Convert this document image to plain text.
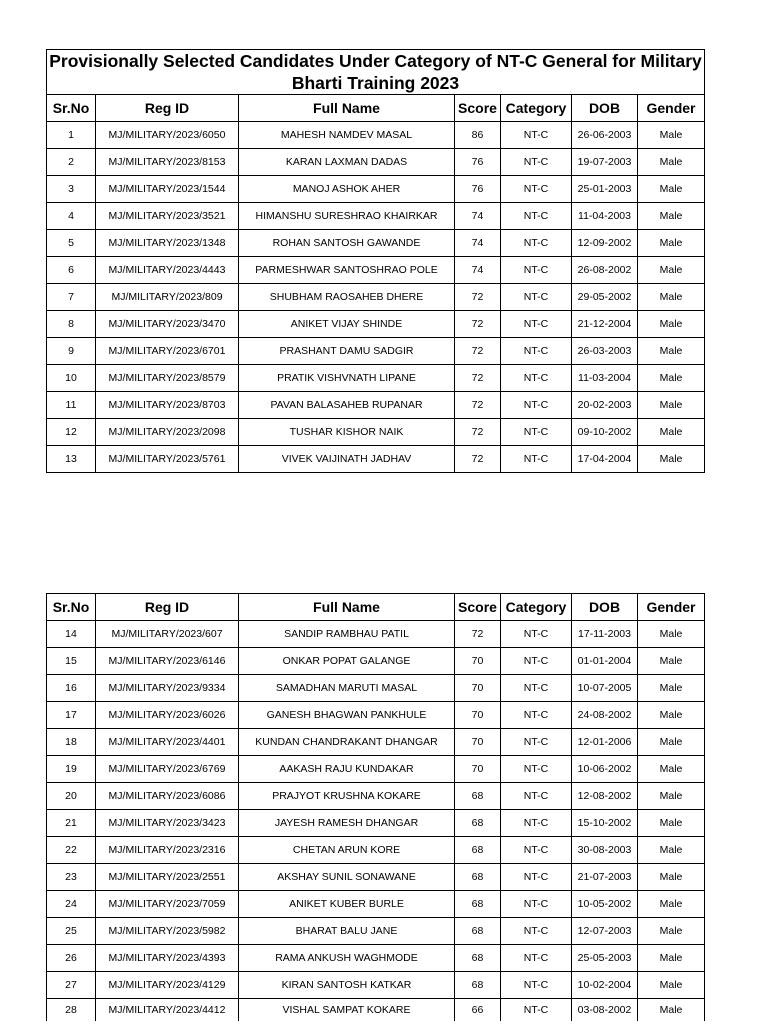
Provisionally Selected Candidates Under Category of NT-C General for Military Bharti Training 2023						
Sr.No	Reg ID	Full Name	Score	Category	DOB	Gender
1	MJ/MILITARY/2023/6050	MAHESH NAMDEV MASAL	86	NT-C	26-06-2003	Male
2	MJ/MILITARY/2023/8153	KARAN LAXMAN DADAS	76	NT-C	19-07-2003	Male
3	MJ/MILITARY/2023/1544	MANOJ ASHOK AHER	76	NT-C	25-01-2003	Male
4	MJ/MILITARY/2023/3521	HIMANSHU SURESHRAO KHAIRKAR	74	NT-C	11-04-2003	Male
5	MJ/MILITARY/2023/1348	ROHAN SANTOSH GAWANDE	74	NT-C	12-09-2002	Male
6	MJ/MILITARY/2023/4443	PARMESHWAR SANTOSHRAO POLE	74	NT-C	26-08-2002	Male
7	MJ/MILITARY/2023/809	SHUBHAM RAOSAHEB DHERE	72	NT-C	29-05-2002	Male
8	MJ/MILITARY/2023/3470	ANIKET VIJAY SHINDE	72	NT-C	21-12-2004	Male
9	MJ/MILITARY/2023/6701	PRASHANT DAMU SADGIR	72	NT-C	26-03-2003	Male
10	MJ/MILITARY/2023/8579	PRATIK VISHVNATH LIPANE	72	NT-C	11-03-2004	Male
11	MJ/MILITARY/2023/8703	PAVAN BALASAHEB RUPANAR	72	NT-C	20-02-2003	Male
12	MJ/MILITARY/2023/2098	TUSHAR KISHOR NAIK	72	NT-C	09-10-2002	Male
13	MJ/MILITARY/2023/5761	VIVEK VAIJINATH JADHAV	72	NT-C	17-04-2004	Male
Sr.No	Reg ID	Full Name	Score	Category	DOB	Gender
14	MJ/MILITARY/2023/607	SANDIP RAMBHAU PATIL	72	NT-C	17-11-2003	Male
15	MJ/MILITARY/2023/6146	ONKAR POPAT GALANGE	70	NT-C	01-01-2004	Male
16	MJ/MILITARY/2023/9334	SAMADHAN MARUTI MASAL	70	NT-C	10-07-2005	Male
17	MJ/MILITARY/2023/6026	GANESH BHAGWAN PANKHULE	70	NT-C	24-08-2002	Male
18	MJ/MILITARY/2023/4401	KUNDAN CHANDRAKANT DHANGAR	70	NT-C	12-01-2006	Male
19	MJ/MILITARY/2023/6769	AAKASH RAJU KUNDAKAR	70	NT-C	10-06-2002	Male
20	MJ/MILITARY/2023/6086	PRAJYOT KRUSHNA KOKARE	68	NT-C	12-08-2002	Male
21	MJ/MILITARY/2023/3423	JAYESH RAMESH DHANGAR	68	NT-C	15-10-2002	Male
22	MJ/MILITARY/2023/2316	CHETAN ARUN KORE	68	NT-C	30-08-2003	Male
23	MJ/MILITARY/2023/2551	AKSHAY SUNIL SONAWANE	68	NT-C	21-07-2003	Male
24	MJ/MILITARY/2023/7059	ANIKET KUBER BURLE	68	NT-C	10-05-2002	Male
25	MJ/MILITARY/2023/5982	BHARAT BALU JANE	68	NT-C	12-07-2003	Male
26	MJ/MILITARY/2023/4393	RAMA ANKUSH WAGHMODE	68	NT-C	25-05-2003	Male
27	MJ/MILITARY/2023/4129	KIRAN SANTOSH KATKAR	68	NT-C	10-02-2004	Male
28	MJ/MILITARY/2023/4412	VISHAL SAMPAT KOKARE	66	NT-C	03-08-2002	Male
